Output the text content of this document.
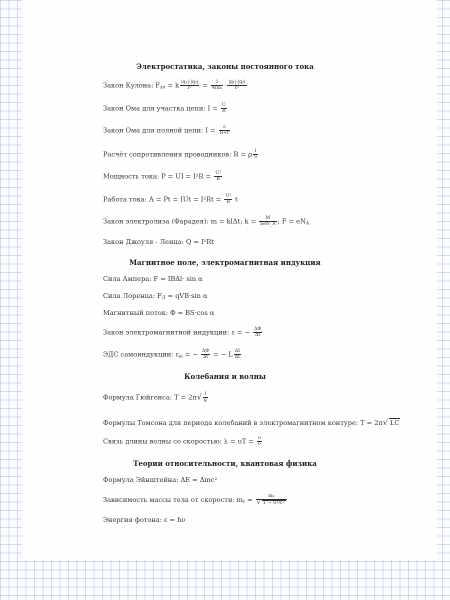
Электростатика, законы постоянного тока
Закон Кулона: $F_{эл} = k \frac{\text{|q₁|·|q₂|}}{\text{r²}} = \frac{1}{\text{4πε₀}} \cdot \frac{\text{|q₁|·|q₂|}}{\text{r²}}$
Закон Ома для участка цепи: $I = \frac{U}{R}$
Закон Ома для полной цепи: $I = \frac{\varepsilon}{R+r}$
Расчёт сопротивления проводников: R = ρ $\frac{l}{S}$
Мощность тока: P = UI = $I^2R = \frac{\text{U²}}{R}$
Работа тока: A = Pt = IUt = $I^2Rt = \frac{\text{U²}}{R}$ t
Закон электролиза (Фарадея): m = klΔt; $k = \frac{M}{\text{neN\_A}}$ ; $F = eN_A$
Закон Джоуля - Ленца: Q = I²Rt
Магнитное поле, электромагнитная индукция
Сила Ампера: F = IBΔl· sin α
Сила Лоренца: $F_Л = qVB\cdot\sin$ α
Магнитный поток: Φ = BS·cos α
Закон электромагнитной индукции: ε = − $\frac{\Delta\Phi}{\Delta t}$
ЭДС самоиндукции: $\varepsilon_{si}$ = − $\frac{\Delta\Phi}{\Delta t}$ = − L $\frac{\Delta I}{\Delta t}$
Колебания и волны
Формула Гюйгенса: $T = 2\pi√ \frac{l}{g}$
Формулы Томсона для периода колебаний в электромагнитном контуре: T = 2π√ LC
Связь длины волны со скоростью: $\lambda = \upsilon T = \frac{\upsilon}{\nu}$
Теории относительности, квантовая физика
Формула Эйнштейна: ΔE = Δmc²
Зависимость массы тела от скорости: $m_r = \frac{\text{m₀}}{\text{√ 1 − υ²/c²}}$
Энергия фотона: ε = hν
